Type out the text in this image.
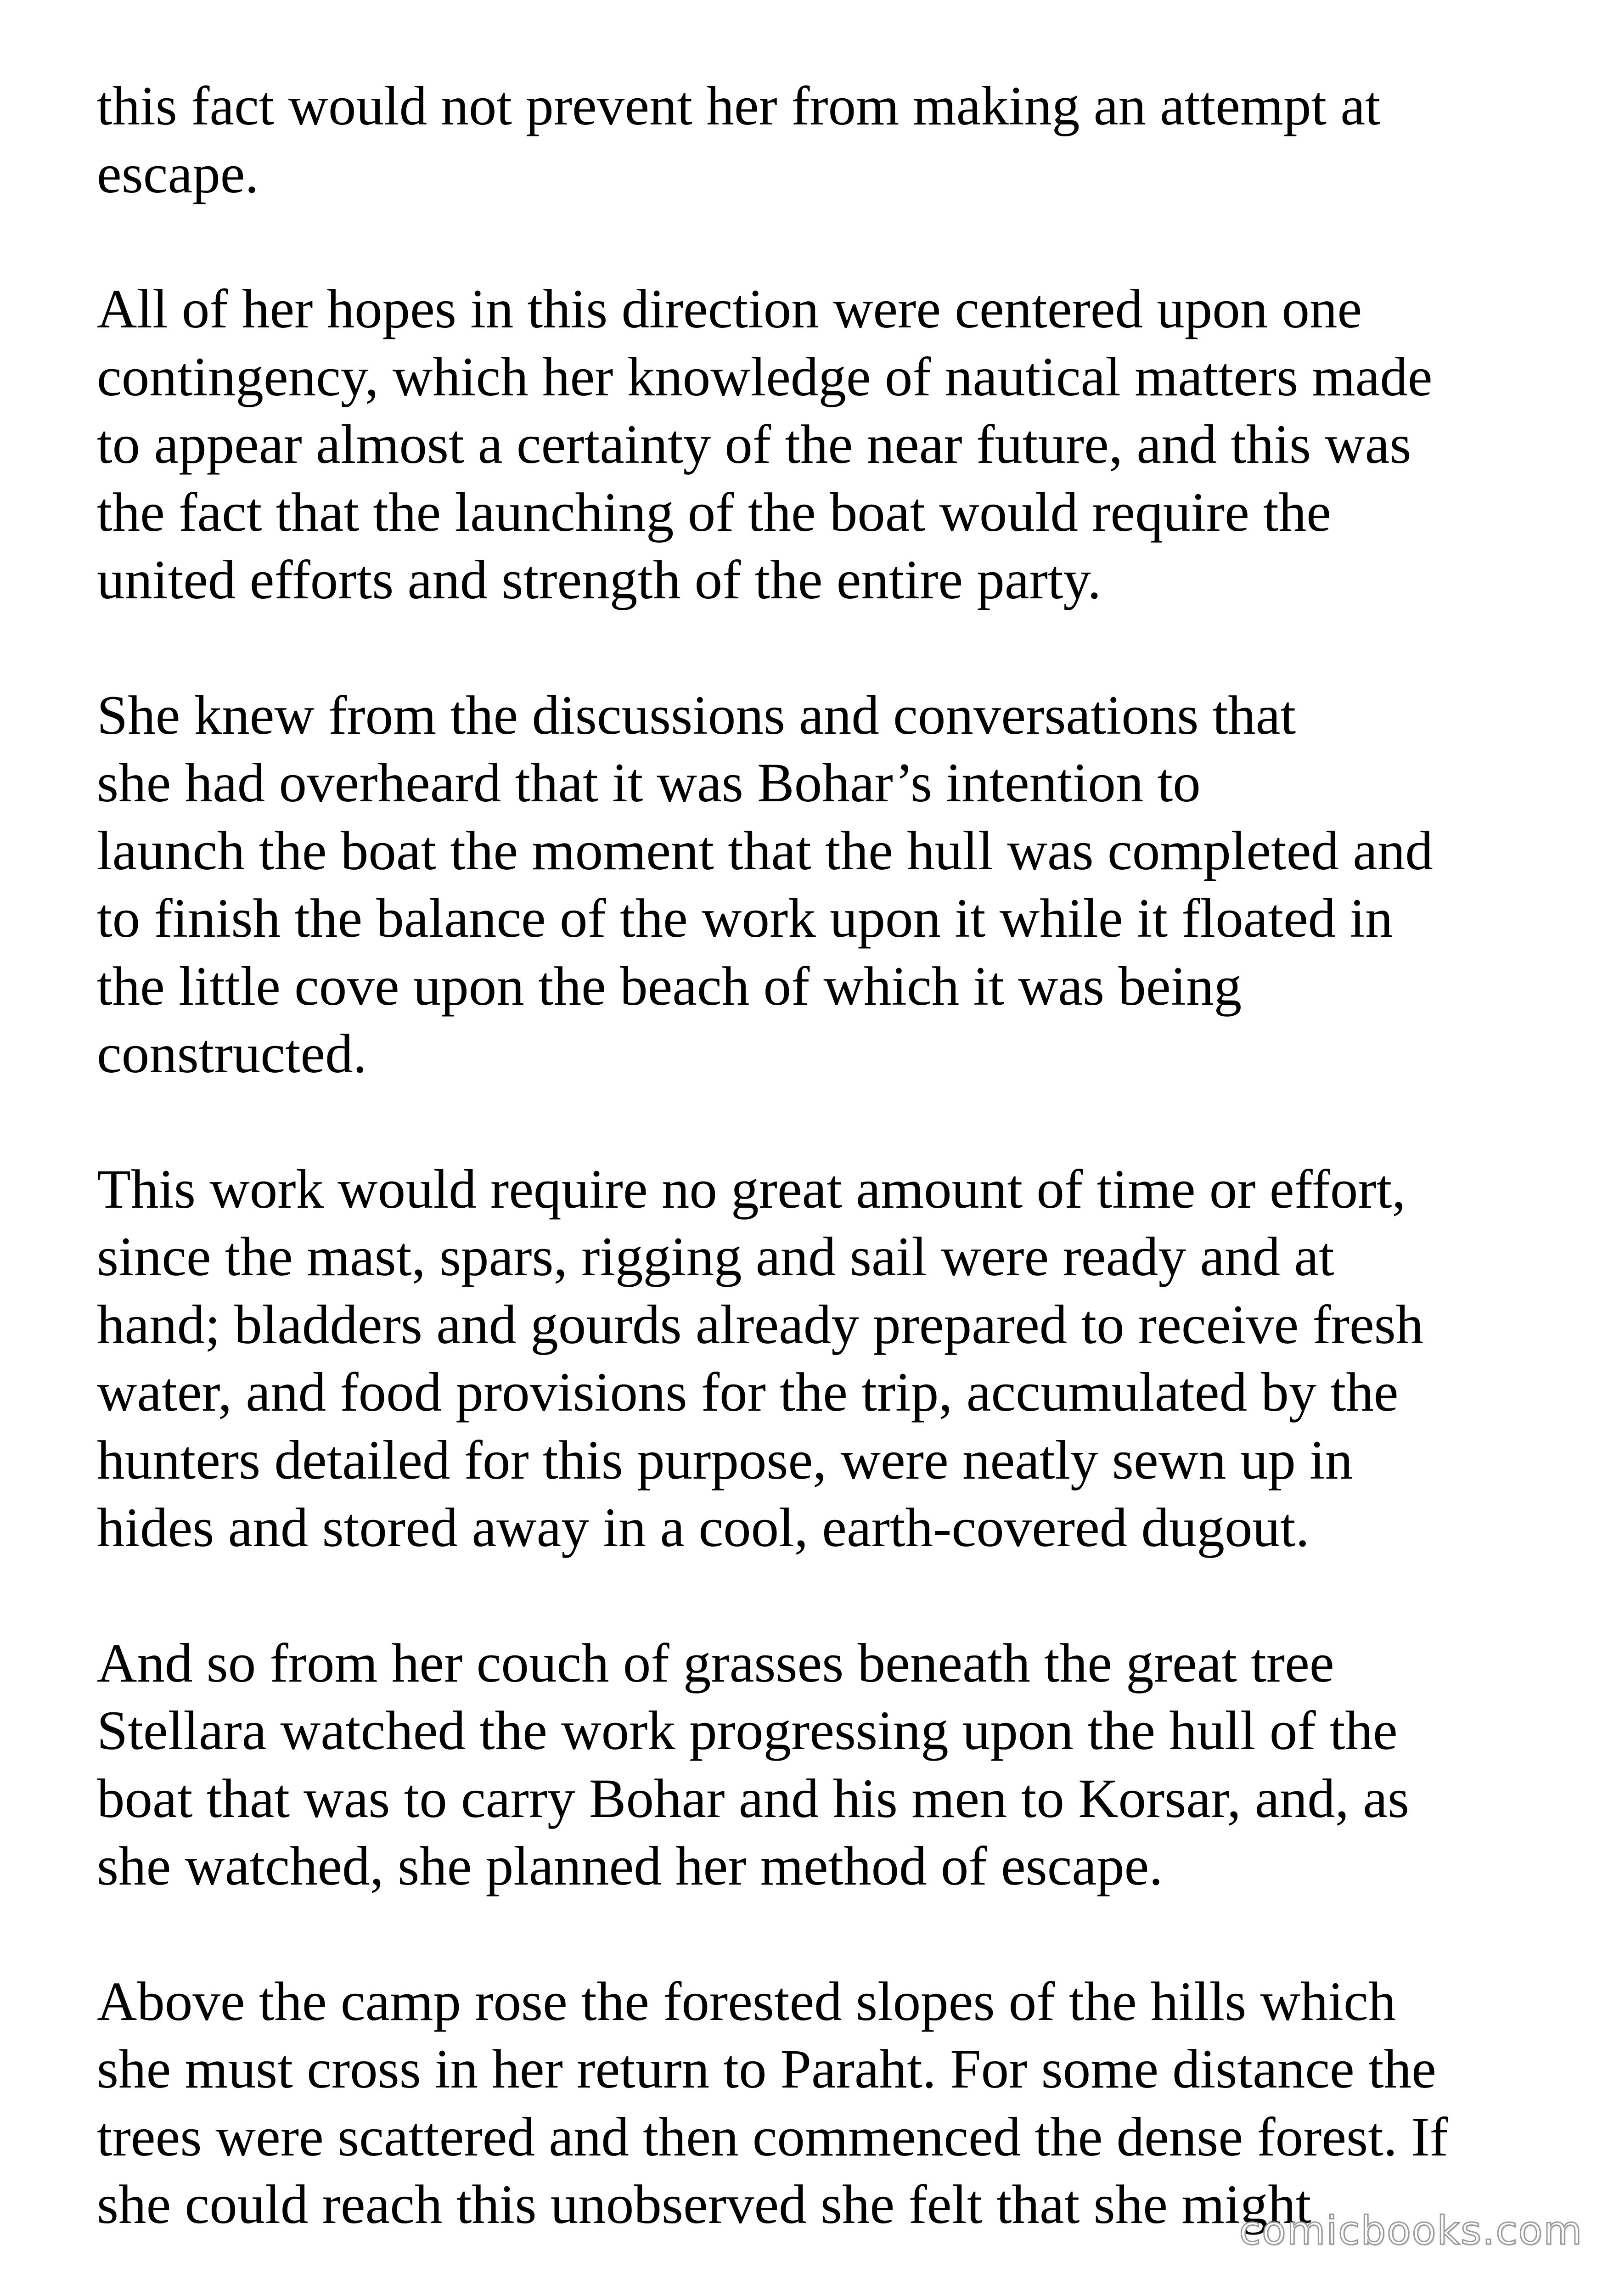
this fact would not prevent her from making an attempt at
escape.

All of her hopes in this direction were centered upon one
contingency, which her knowledge of nautical matters made
to appear almost a certainty of the near future, and this was
the fact that the launching of the boat would require the
united efforts and strength of the entire party.

She knew from the discussions and conversations that
she had overheard that it was Bohar’s intention to
launch the boat the moment that the hull was completed and
to finish the balance of the work upon it while it floated in
the little cove upon the beach of which it was being
constructed.

This work would require no great amount of time or effort,
since the mast, spars, rigging and sail were ready and at
hand; bladders and gourds already prepared to receive fresh
water, and food provisions for the trip, accumulated by the
hunters detailed for this purpose, were neatly sewn up in
hides and stored away in a cool, earth-covered dugout.

And so from her couch of grasses beneath the great tree
Stellara watched the work progressing upon the hull of the
boat that was to carry Bohar and his men to Korsar, and, as
she watched, she planned her method of escape.

Above the camp rose the forested slopes of the hills which
she must cross in her return to Paraht. For some distance the
trees were scattered and then commenced the dense forest. If
she could reach this unobserved she felt that she might

comicbooks.com
